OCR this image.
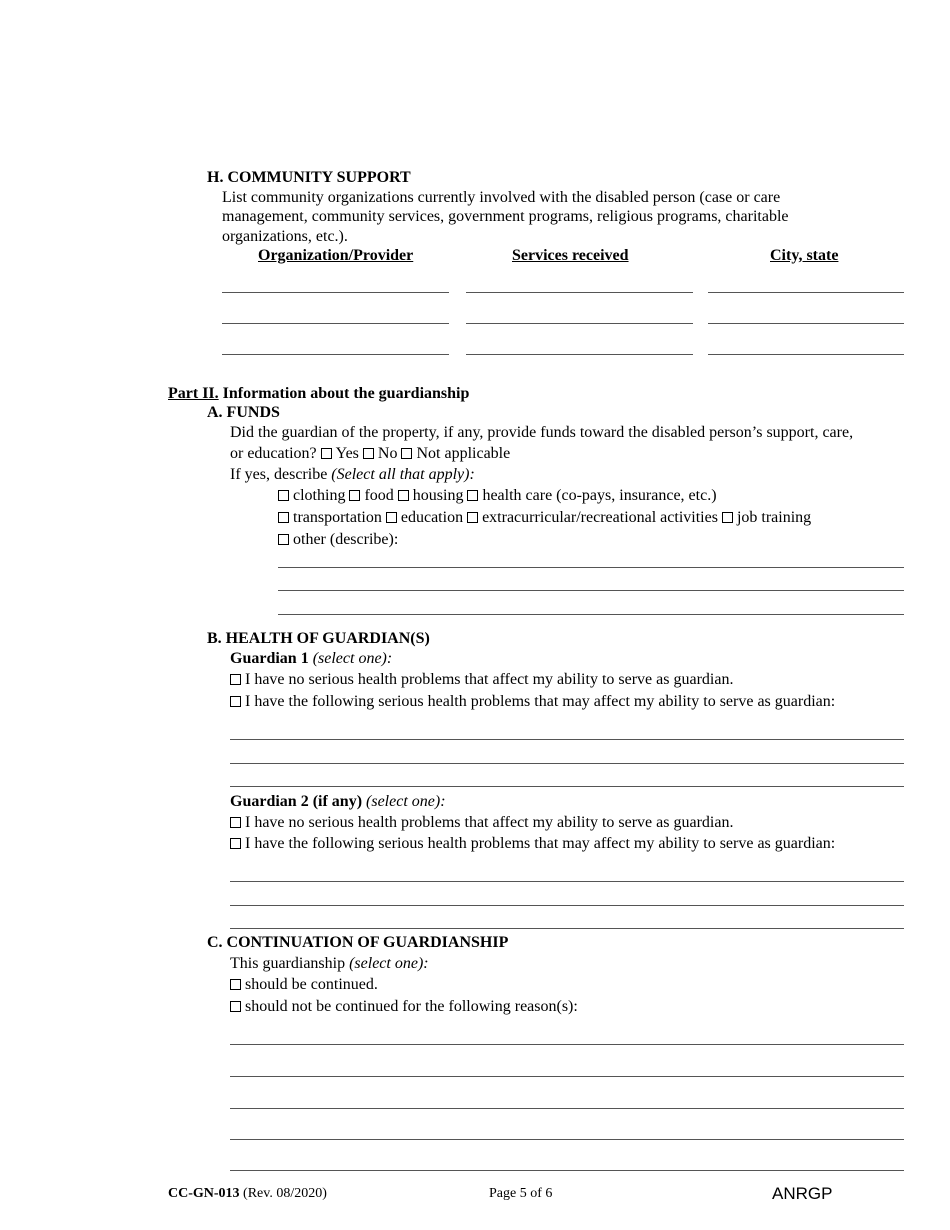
H. COMMUNITY SUPPORT
List community organizations currently involved with the disabled person (case or care
management, community services, government programs, religious programs, charitable
organizations, etc.).
Organization/Provider	Services received	City, state
Part II. Information about the guardianship
A. FUNDS
Did the guardian of the property, if any, provide funds toward the disabled person’s support, care,
or education? Yes No Not applicable
If yes, describe (Select all that apply):
clothing food housing health care (co-pays, insurance, etc.)
transportation education extracurricular/recreational activities job training
other (describe):
B. HEALTH OF GUARDIAN(S)
Guardian 1 (select one):
I have no serious health problems that affect my ability to serve as guardian.
I have the following serious health problems that may affect my ability to serve as guardian:
Guardian 2 (if any) (select one):
I have no serious health problems that affect my ability to serve as guardian.
I have the following serious health problems that may affect my ability to serve as guardian:
C. CONTINUATION OF GUARDIANSHIP
This guardianship (select one):
should be continued.
should not be continued for the following reason(s):
CC-GN-013 (Rev. 08/2020)	Page 5 of 6	ANRGP
